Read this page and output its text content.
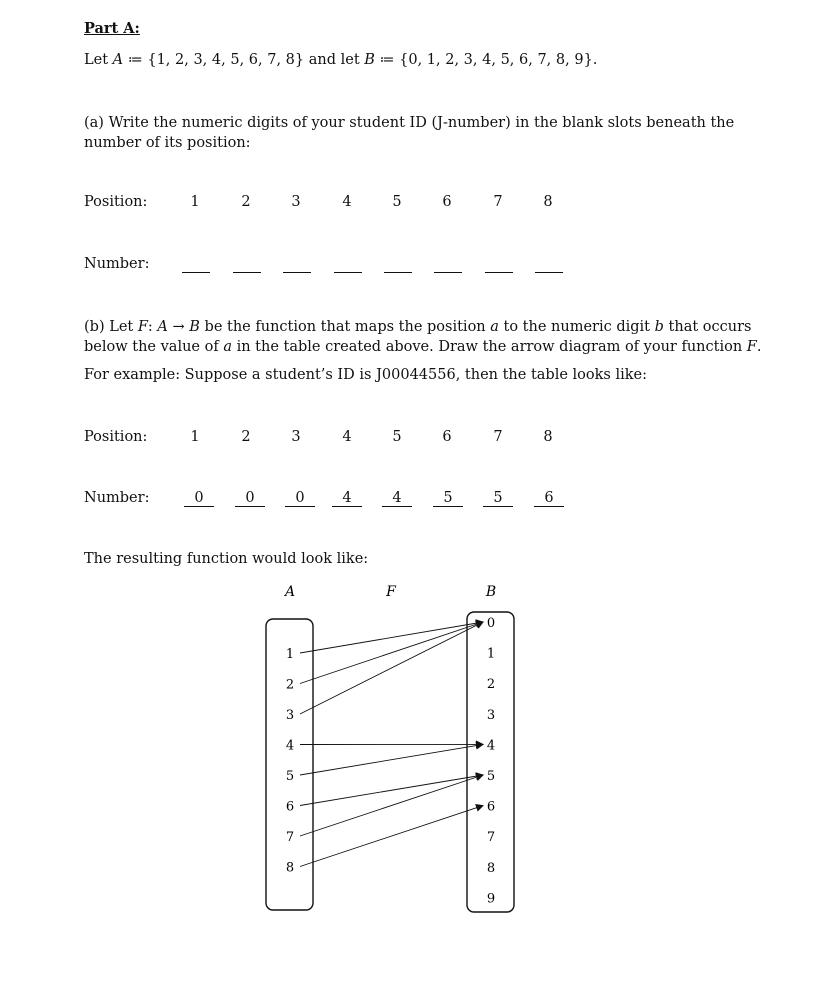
Part A:
Let A ≔ {1, 2, 3, 4, 5, 6, 7, 8} and let B ≔ {0, 1, 2, 3, 4, 5, 6, 7, 8, 9}.
(a) Write the numeric digits of your student ID (J-number) in the blank slots beneath the number of its position:
Position:	1	2	3	4	5	6	7	8
Number:
(b) Let F: A → B be the function that maps the position a to the numeric digit b that occurs below the value of a in the table created above. Draw the arrow diagram of your function F.
For example: Suppose a student’s ID is J00044556, then the table looks like:
Position:	1	2	3	4	5	6	7	8
Number:	0	0	0	4	4	5	5	6
The resulting function would look like:
A	F	B
1
2
3
4
5
6
7
8
0
1
2
3
4
5
6
7
8
9
